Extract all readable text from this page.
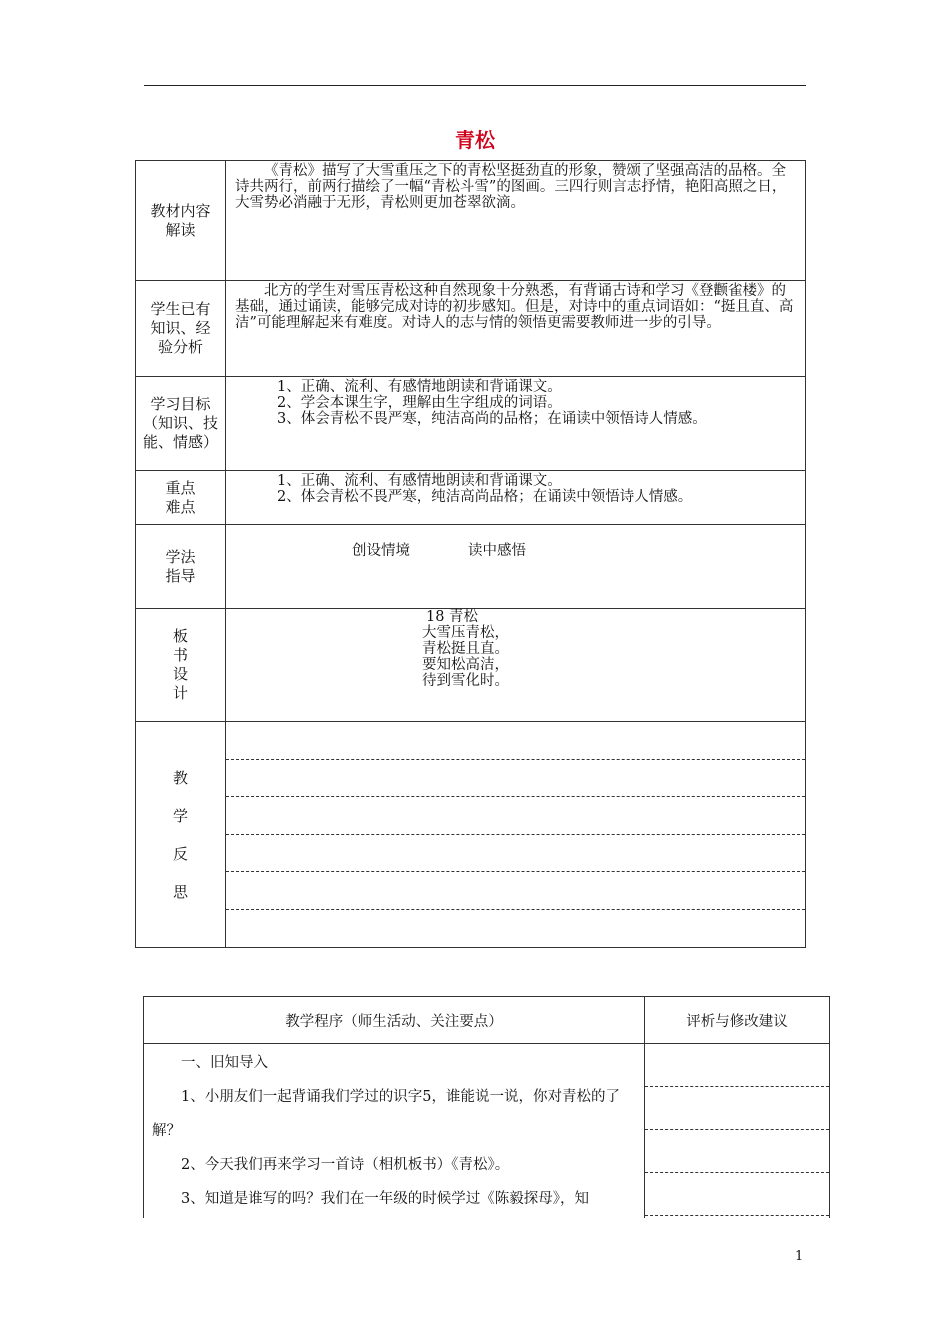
青松
教材内容解读	《青松》描写了大雪重压之下的青松坚挺劲直的形象，赞颂了坚强高洁的品格。全诗共两行，前两行描绘了一幅“青松斗雪”的图画。三四行则言志抒情，艳阳高照之日，大雪势必消融于无形，青松则更加苍翠欲滴。

学生已有知识、经验分析	北方的学生对雪压青松这种自然现象十分熟悉，有背诵古诗和学习《登颧雀楼》的基础，通过诵读，能够完成对诗的初步感知。但是，对诗中的重点词语如：“挺且直、高洁”可能理解起来有难度。对诗人的志与情的领悟更需要教师进一步的引导。

学习目标（知识、技能、情感）	1、正确、流利、有感情地朗读和背诵课文。

2、学会本课生字，理解由生字组成的词语。

3、体会青松不畏严寒，纯洁高尚的品格；在诵读中领悟诗人情感。

重点难点	1、正确、流利、有感情地朗读和背诵课文。

2、体会青松不畏严寒，纯洁高尚品格；在诵读中领悟诗人情感。

学法指导	创设情境 读中感悟

板书设计	18 青松

大雪压青松，

青松挺且直。

要知松高洁，

待到雪化时。

教学反思	

教学程序（师生活动、关注要点）	评析与修改建议

一、旧知导入

1、小朋友们一起背诵我们学过的识字5，谁能说一说，你对青松的了解？

2、今天我们再来学习一首诗（相机板书）《青松》。

3、知道是谁写的吗？我们在一年级的时候学过《陈毅探母》，知	

1
